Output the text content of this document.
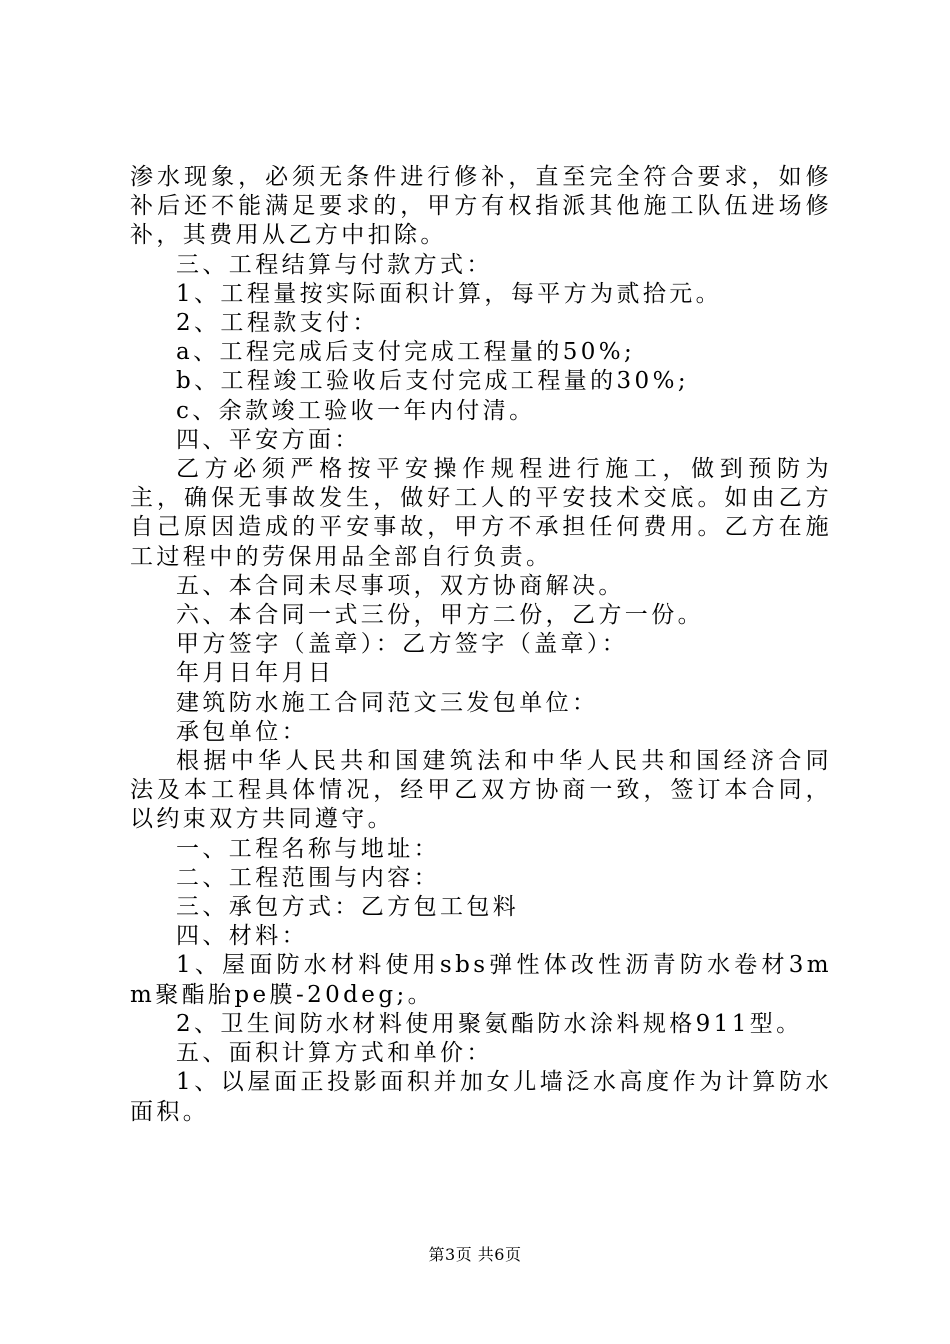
渗水现象，必须无条件进行修补，直至完全符合要求，如修补后还不能满足要求的，甲方有权指派其他施工队伍进场修补，其费用从乙方中扣除。

三、工程结算与付款方式：

1、工程量按实际面积计算，每平方为贰拾元。

2、工程款支付：

a、工程完成后支付完成工程量的50%;

b、工程竣工验收后支付完成工程量的30%;

c、余款竣工验收一年内付清。

四、平安方面：

乙方必须严格按平安操作规程进行施工，做到预防为主，确保无事故发生，做好工人的平安技术交底。如由乙方自己原因造成的平安事故，甲方不承担任何费用。乙方在施工过程中的劳保用品全部自行负责。

五、本合同未尽事项，双方协商解决。

六、本合同一式三份，甲方二份，乙方一份。

甲方签字（盖章）：乙方签字（盖章）：

年月日年月日

建筑防水施工合同范文三发包单位：

承包单位：

根据中华人民共和国建筑法和中华人民共和国经济合同法及本工程具体情况，经甲乙双方协商一致，签订本合同，以约束双方共同遵守。

一、工程名称与地址：

二、工程范围与内容：

三、承包方式：乙方包工包料

四、材料：

1、屋面防水材料使用sbs弹性体改性沥青防水卷材3mm聚酯胎pe膜-20deg;。

2、卫生间防水材料使用聚氨酯防水涂料规格911型。

五、面积计算方式和单价：

1、以屋面正投影面积并加女儿墙泛水高度作为计算防水面积。

第3页 共6页
